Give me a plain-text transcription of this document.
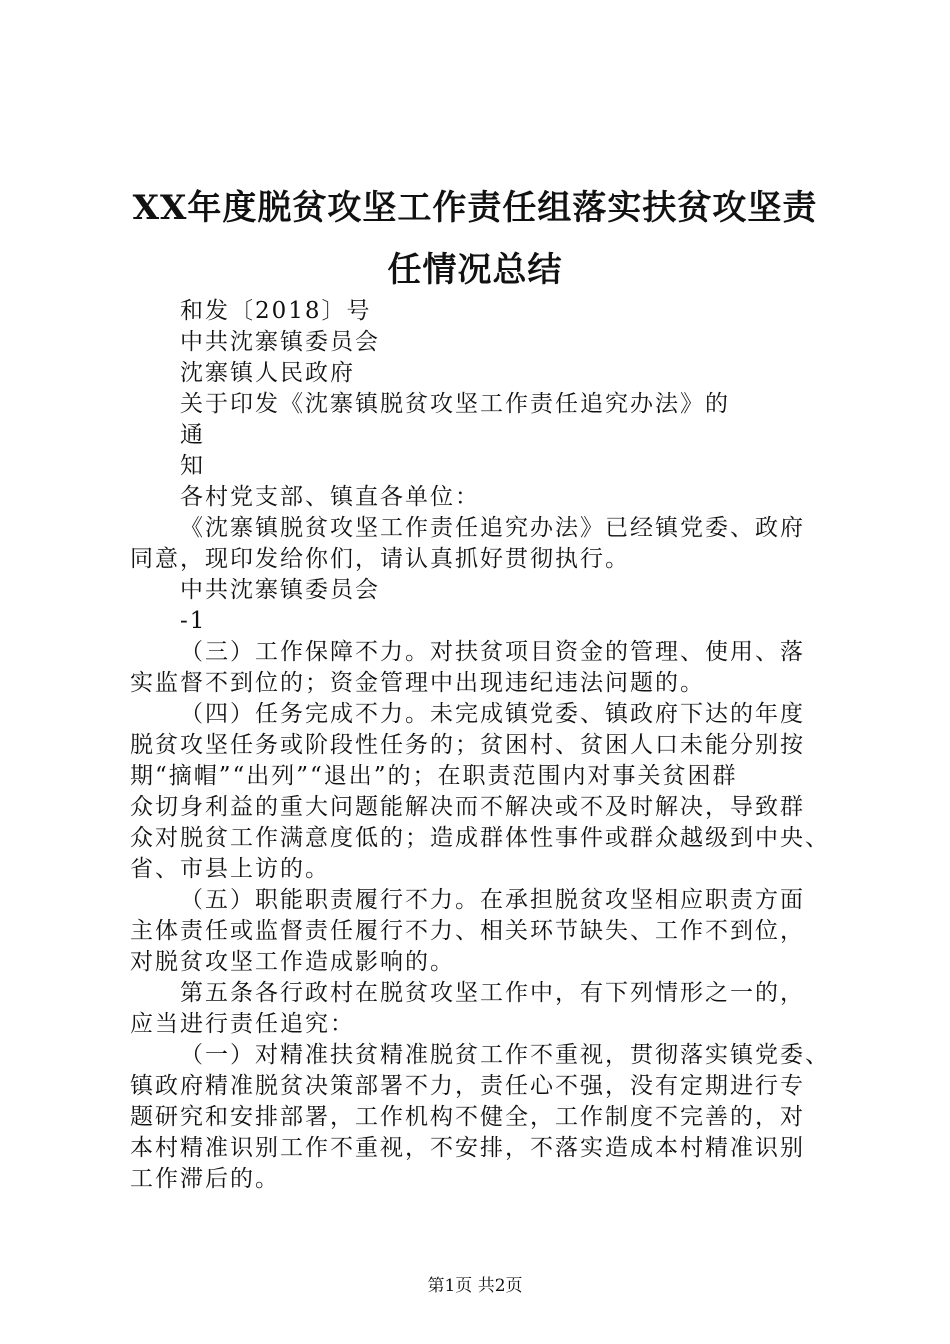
XX年度脱贫攻坚工作责任组落实扶贫攻坚责
任情况总结
和发〔2018〕号
中共沈寨镇委员会
沈寨镇人民政府
关于印发《沈寨镇脱贫攻坚工作责任追究办法》的
通
知
各村党支部、镇直各单位：
《沈寨镇脱贫攻坚工作责任追究办法》已经镇党委、政府
同意，现印发给你们，请认真抓好贯彻执行。
中共沈寨镇委员会
-1
（三）工作保障不力。对扶贫项目资金的管理、使用、落
实监督不到位的；资金管理中出现违纪违法问题的。
（四）任务完成不力。未完成镇党委、镇政府下达的年度
脱贫攻坚任务或阶段性任务的；贫困村、贫困人口未能分别按
期“摘帽”“出列”“退出”的；在职责范围内对事关贫困群
众切身利益的重大问题能解决而不解决或不及时解决，导致群
众对脱贫工作满意度低的；造成群体性事件或群众越级到中央、
省、市县上访的。
（五）职能职责履行不力。在承担脱贫攻坚相应职责方面
主体责任或监督责任履行不力、相关环节缺失、工作不到位，
对脱贫攻坚工作造成影响的。
第五条各行政村在脱贫攻坚工作中，有下列情形之一的，
应当进行责任追究：
（一）对精准扶贫精准脱贫工作不重视，贯彻落实镇党委、
镇政府精准脱贫决策部署不力，责任心不强，没有定期进行专
题研究和安排部署，工作机构不健全，工作制度不完善的，对
本村精准识别工作不重视，不安排，不落实造成本村精准识别
工作滞后的。
第1页 共2页
